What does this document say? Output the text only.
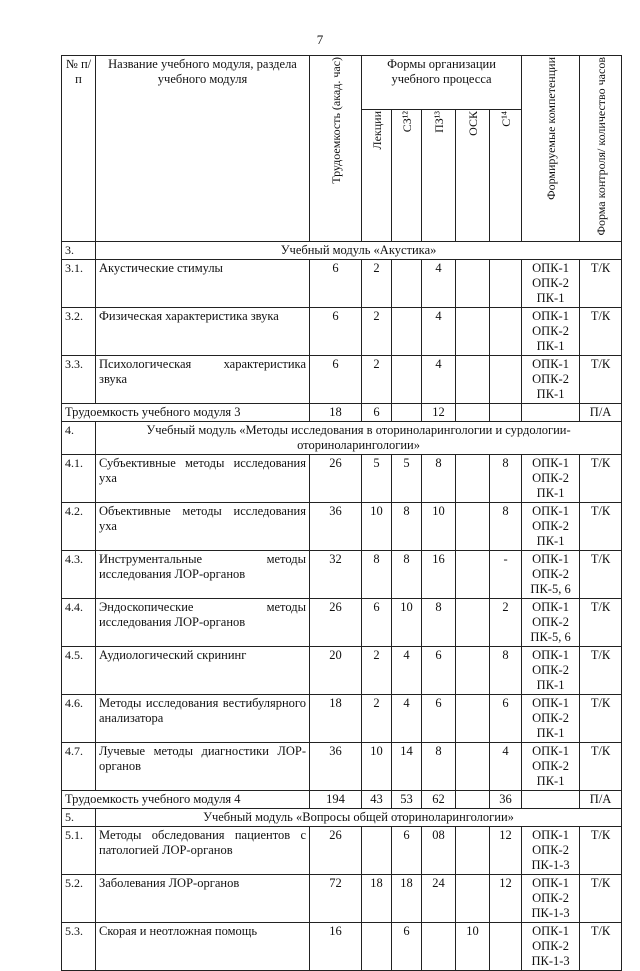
7
№ п/п	Название учебного модуля, раздела учебного модуля	Трудоемкость (акад. час)	Формы организации учебного процесса					Формируемые компетенции	Форма контроля/ количество часов
			Лекции	СЗ¹²	ПЗ¹³	ОСК	С¹⁴		
3.	Учебный модуль «Акустика»								
3.1.	Акустические стимулы	6	2		4			ОПК-1
ОПК-2
ПК-1	Т/К
3.2.	Физическая характеристика звука	6	2		4			ОПК-1
ОПК-2
ПК-1	Т/К
3.3.	Психологическая характеристика звука	6	2		4			ОПК-1
ОПК-2
ПК-1	Т/К
Трудоемкость учебного модуля 3		18	6		12				П/А
4.	Учебный модуль «Методы исследования в оториноларингологии и сурдологии-оториноларингологии»								
4.1.	Субъективные методы исследования уха	26	5	5	8		8	ОПК-1
ОПК-2
ПК-1	Т/К
4.2.	Объективные методы исследования уха	36	10	8	10		8	ОПК-1
ОПК-2
ПК-1	Т/К
4.3.	Инструментальные методы исследования ЛОР-органов	32	8	8	16		-	ОПК-1
ОПК-2
ПК-5, 6	Т/К
4.4.	Эндоскопические методы исследования ЛОР-органов	26	6	10	8		2	ОПК-1
ОПК-2
ПК-5, 6	Т/К
4.5.	Аудиологический скрининг	20	2	4	6		8	ОПК-1
ОПК-2
ПК-1	Т/К
4.6.	Методы исследования вестибулярного анализатора	18	2	4	6		6	ОПК-1
ОПК-2
ПК-1	Т/К
4.7.	Лучевые методы диагностики ЛОР-органов	36	10	14	8		4	ОПК-1
ОПК-2
ПК-1	Т/К
Трудоемкость учебного модуля 4		194	43	53	62		36		П/А
5.	Учебный модуль «Вопросы общей оториноларингологии»								
5.1.	Методы обследования пациентов с патологией ЛОР-органов	26		6	08		12	ОПК-1
ОПК-2
ПК-1-3	Т/К
5.2.	Заболевания ЛОР-органов	72	18	18	24		12	ОПК-1
ОПК-2
ПК-1-3	Т/К
5.3.	Скорая и неотложная помощь	16		6		10		ОПК-1
ОПК-2
ПК-1-3	Т/К
